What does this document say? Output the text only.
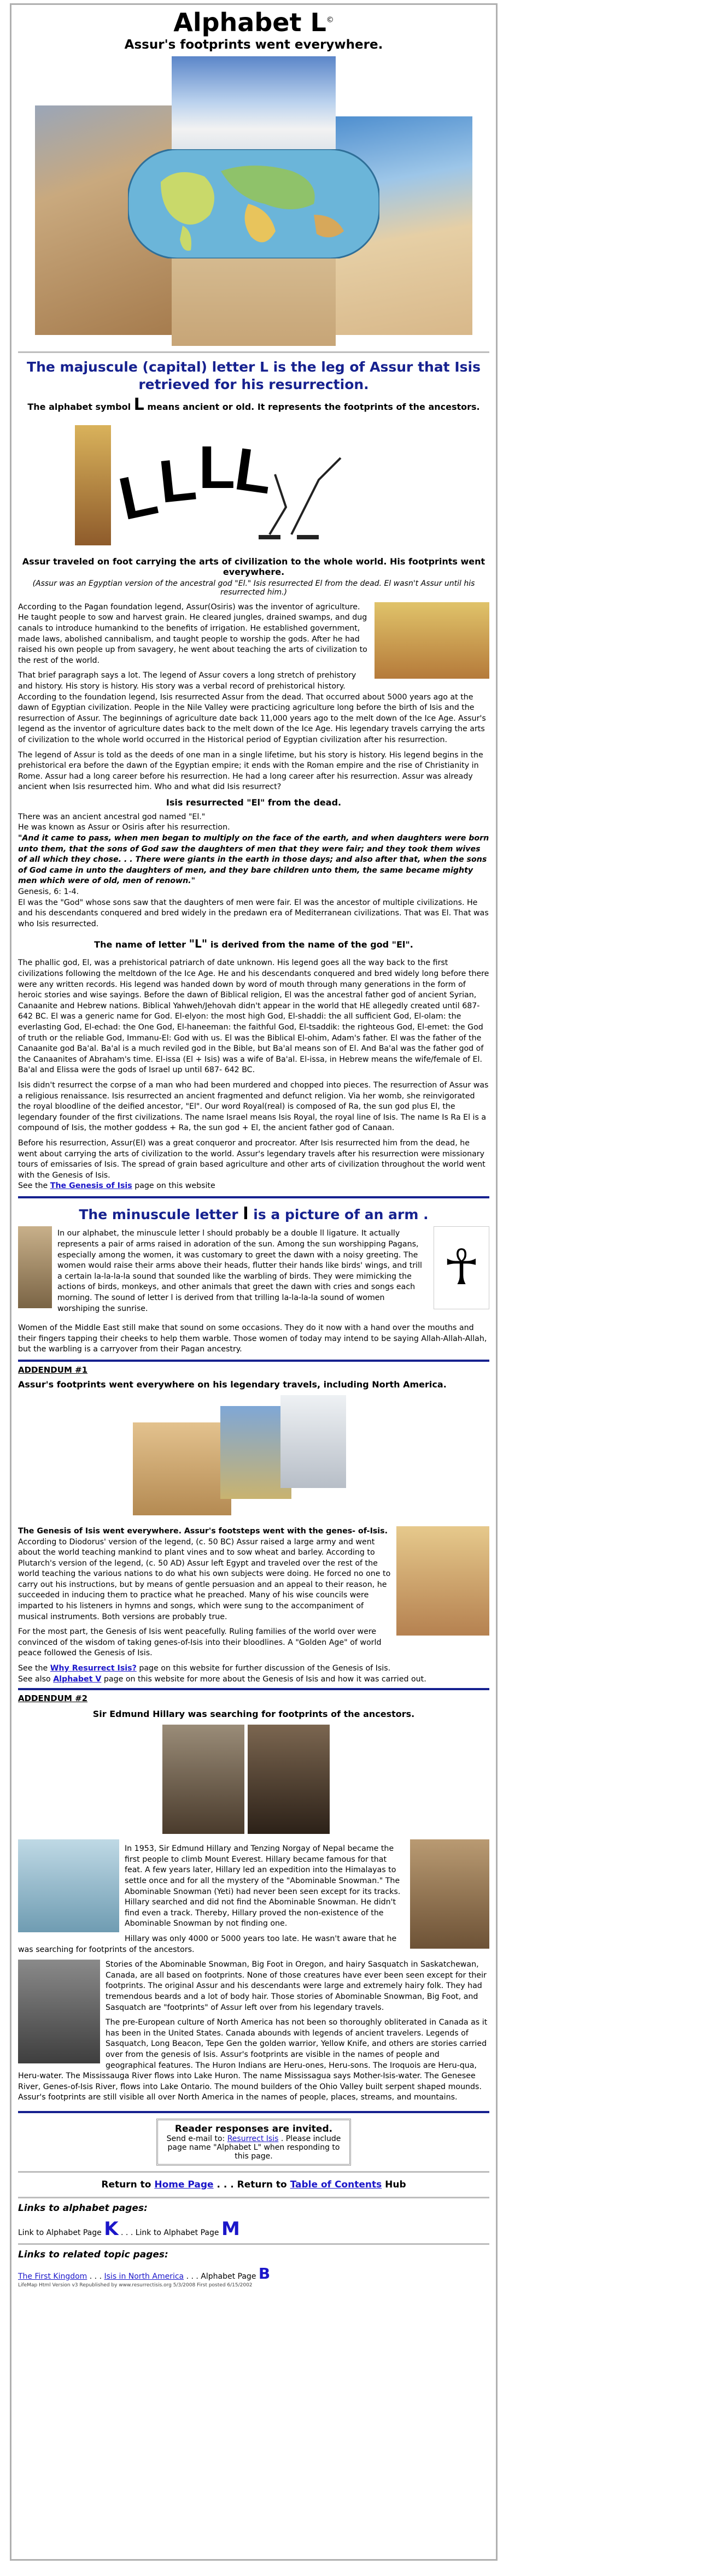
Alphabet L©
Assur's footprints went everywhere.
The majuscule (capital) letter L is the leg of Assur that Isis retrieved for his resurrection.
The alphabet symbol L means ancient or old. It represents the footprints of the ancestors.
L
L
L
L
Assur traveled on foot carrying the arts of civilization to the whole world. His footprints went everywhere.
(Assur was an Egyptian version of the ancestral god "El." Isis resurrected El from the dead. El wasn't Assur until his resurrected him.)

According to the Pagan foundation legend, Assur(Osiris) was the inventor of agriculture. He taught people to sow and harvest grain. He cleared jungles, drained swamps, and dug canals to introduce humankind to the benefits of irrigation. He established government, made laws, abolished cannibalism, and taught people to worship the gods. After he had raised his own people up from savagery, he went about teaching the arts of civilization to the rest of the world.

That brief paragraph says a lot. The legend of Assur covers a long stretch of prehistory and history. His story is history. His story was a verbal record of prehistorical history. According to the foundation legend, Isis resurrected Assur from the dead. That occurred about 5000 years ago at the dawn of Egyptian civilization. People in the Nile Valley were practicing agriculture long before the birth of Isis and the resurrection of Assur. The beginnings of agriculture date back 11,000 years ago to the melt down of the Ice Age. Assur's legend as the inventor of agriculture dates back to the melt down of the Ice Age. His legendary travels carrying the arts of civilization to the whole world occurred in the Historical period of Egyptian civilization after his resurrection.

The legend of Assur is told as the deeds of one man in a single lifetime, but his story is history. His legend begins in the prehistorical era before the dawn of the Egyptian empire; it ends with the Roman empire and the rise of Christianity in Rome. Assur had a long career before his resurrection. He had a long career after his resurrection. Assur was already ancient when Isis resurrected him. Who and what did Isis resurrect?

Isis resurrected "El" from the dead.

There was an ancient ancestral god named "El."
He was known as Assur or Osiris after his resurrection.
"And it came to pass, when men began to multiply on the face of the earth, and when daughters were born unto them, that the sons of God saw the daughters of men that they were fair; and they took them wives of all which they chose. . . There were giants in the earth in those days; and also after that, when the sons of God came in unto the daughters of men, and they bare children unto them, the same became mighty men which were of old, men of renown."
Genesis, 6: 1-4.
El was the "God" whose sons saw that the daughters of men were fair. El was the ancestor of multiple civilizations. He and his descendants conquered and bred widely in the predawn era of Mediterranean civilizations. That was El. That was who Isis resurrected.

The name of letter "L" is derived from the name of the god "El".

The phallic god, El, was a prehistorical patriarch of date unknown. His legend goes all the way back to the first civilizations following the meltdown of the Ice Age. He and his descendants conquered and bred widely long before there were any written records. His legend was handed down by word of mouth through many generations in the form of heroic stories and wise sayings. Before the dawn of Biblical religion, El was the ancestral father god of ancient Syrian, Canaanite and Hebrew nations. Biblical Yahweh/Jehovah didn't appear in the world that HE allegedly created until 687- 642 BC. El was a generic name for God. El-elyon: the most high God, El-shaddi: the all sufficient God, El-olam: the everlasting God, El-echad: the One God, El-haneeman: the faithful God, El-tsaddik: the righteous God, El-emet: the God of truth or the reliable God, Immanu-El: God with us. El was the Biblical El-ohim, Adam's father. El was the father of the Canaanite god Ba'al. Ba'al is a much reviled god in the Bible, but Ba'al means son of El. And Ba'al was the father god of the Canaanites of Abraham's time. El-issa (El + Isis) was a wife of Ba'al. El-issa, in Hebrew means the wife/female of El. Ba'al and Elissa were the gods of Israel up until 687- 642 BC.

Isis didn't resurrect the corpse of a man who had been murdered and chopped into pieces. The resurrection of Assur was a religious renaissance. Isis resurrected an ancient fragmented and defunct religion. Via her womb, she reinvigorated the royal bloodline of the deified ancestor, "El". Our word Royal(real) is composed of Ra, the sun god plus El, the legendary founder of the first civilizations. The name Israel means Isis Royal, the royal line of Isis. The name Is Ra El is a compound of Isis, the mother goddess + Ra, the sun god + El, the ancient father god of Canaan.

Before his resurrection, Assur(El) was a great conqueror and procreator. After Isis resurrected him from the dead, he went about carrying the arts of civilization to the world. Assur's legendary travels after his resurrection were missionary tours of emissaries of Isis. The spread of grain based agriculture and other arts of civilization throughout the world went with the Genesis of Isis.
See the The Genesis of Isis page on this website

The minuscule letter l is a picture of an arm .
☥

In our alphabet, the minuscule letter l should probably be a double ll ligature. It actually represents a pair of arms raised in adoration of the sun. Among the sun worshipping Pagans, especially among the women, it was customary to greet the dawn with a noisy greeting. The women would raise their arms above their heads, flutter their hands like birds' wings, and trill a certain la-la-la-la sound that sounded like the warbling of birds. They were mimicking the actions of birds, monkeys, and other animals that greet the dawn with cries and songs each morning. The sound of letter l is derived from that trilling la-la-la-la sound of women worshiping the sunrise.

Women of the Middle East still make that sound on some occasions. They do it now with a hand over the mouths and their fingers tapping their cheeks to help them warble. Those women of today may intend to be saying Allah-Allah-Allah, but the warbling is a carryover from their Pagan ancestry.

ADDENDUM #1
Assur's footprints went everywhere on his legendary travels, including North America.

The Genesis of Isis went everywhere. Assur's footsteps went with the genes- of-Isis. According to Diodorus' version of the legend, (c. 50 BC) Assur raised a large army and went about the world teaching mankind to plant vines and to sow wheat and barley. According to Plutarch's version of the legend, (c. 50 AD) Assur left Egypt and traveled over the rest of the world teaching the various nations to do what his own subjects were doing. He forced no one to carry out his instructions, but by means of gentle persuasion and an appeal to their reason, he succeeded in inducing them to practice what he preached. Many of his wise councils were imparted to his listeners in hymns and songs, which were sung to the accompaniment of musical instruments. Both versions are probably true.

For the most part, the Genesis of Isis went peacefully. Ruling families of the world over were convinced of the wisdom of taking genes-of-Isis into their bloodlines. A "Golden Age" of world peace followed the Genesis of Isis.

See the Why Resurrect Isis? page on this website for further discussion of the Genesis of Isis.
See also Alphabet V page on this website for more about the Genesis of Isis and how it was carried out.

ADDENDUM #2
Sir Edmund Hillary was searching for footprints of the ancestors.

In 1953, Sir Edmund Hillary and Tenzing Norgay of Nepal became the first people to climb Mount Everest. Hillary became famous for that feat. A few years later, Hillary led an expedition into the Himalayas to settle once and for all the mystery of the "Abominable Snowman." The Abominable Snowman (Yeti) had never been seen except for its tracks. Hillary searched and did not find the Abominable Snowman. He didn't find even a track. Thereby, Hillary proved the non-existence of the Abominable Snowman by not finding one.

Hillary was only 4000 or 5000 years too late. He wasn't aware that he was searching for footprints of the ancestors.

Stories of the Abominable Snowman, Big Foot in Oregon, and hairy Sasquatch in Saskatchewan, Canada, are all based on footprints. None of those creatures have ever been seen except for their footprints. The original Assur and his descendants were large and extremely hairy folk. They had tremendous beards and a lot of body hair. Those stories of Abominable Snowman, Big Foot, and Sasquatch are "footprints" of Assur left over from his legendary travels.

The pre-European culture of North America has not been so thoroughly obliterated in Canada as it has been in the United States. Canada abounds with legends of ancient travelers. Legends of Sasquatch, Long Beacon, Tepe Gen the golden warrior, Yellow Knife, and others are stories carried over from the genesis of Isis. Assur's footprints are visible in the names of people and geographical features. The Huron Indians are Heru-ones, Heru-sons. The Iroquois are Heru-qua, Heru-water. The Mississauga River flows into Lake Huron. The name Mississagua says Mother-Isis-water. The Genesee River, Genes-of-Isis River, flows into Lake Ontario. The mound builders of the Ohio Valley built serpent shaped mounds. Assur's footprints are still visible all over North America in the names of people, places, streams, and mountains.

Reader responses are invited.
Send e-mail to: Resurrect Isis . Please include page name "Alphabet L" when responding to this page.
Return to Home Page . . . Return to Table of Contents Hub
Links to alphabet pages:
Link to Alphabet Page K . . . Link to Alphabet Page M
Links to related topic pages:
The First Kingdom . . . Isis in North America . . . Alphabet Page B
LifeMap Html Version v3 Republished by www.resurrectisis.org 5/3/2008 First posted 6/15/2002
